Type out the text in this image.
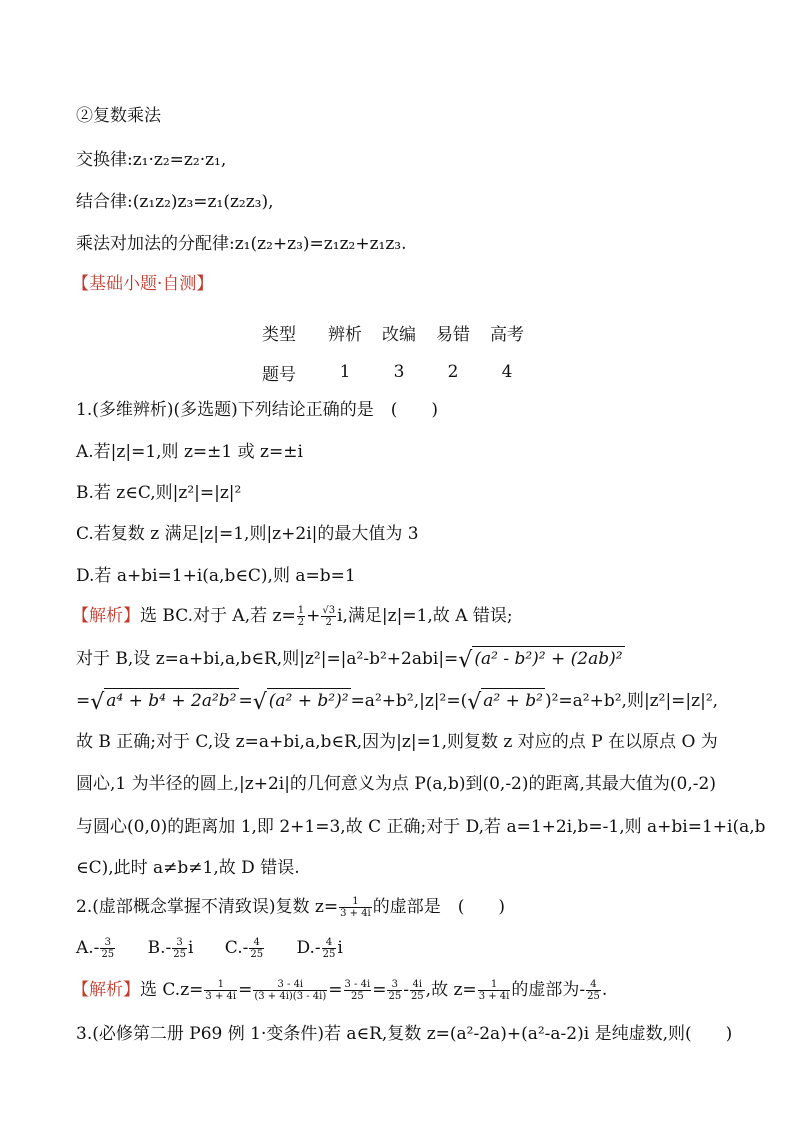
②复数乘法
交换律:z₁·z₂=z₂·z₁,
结合律:(z₁z₂)z₃=z₁(z₂z₃),
乘法对加法的分配律:z₁(z₂+z₃)=z₁z₂+z₁z₃.
【基础小题·自测】
类型	辨析	改编	易错	高考
题号	1	3	2	4
1.(多维辨析)(多选题)下列结论正确的是　(　　)
A.若|z|=1,则 z=±1 或 z=±i
B.若 z∈C,则|z²|=|z|²
C.若复数 z 满足|z|=1,则|z+2i|的最大值为 3
D.若 a+bi=1+i(a,b∈C),则 a=b=1
【解析】选 BC.对于 A,若 $z= \frac{1}{2} + \frac{√3}{2} i$,满足|z|=1,故 A 错误;
对于 B,设 z=a+bi,a,b∈R,则|z²|=|a²-b²+2abi|=√ (a² - b²)² + (2ab)²
=√ a⁴ + b⁴ + 2a²b² =√ (a² + b²)² =a²+b²,|z|²=(√ a² + b² )²=a²+b²,则|z²|=|z|²,
故 B 正确;对于 C,设 z=a+bi,a,b∈R,因为|z|=1,则复数 z 对应的点 P 在以原点 O 为
圆心,1 为半径的圆上,|z+2i|的几何意义为点 P(a,b)到(0,-2)的距离,其最大值为(0,-2)
与圆心(0,0)的距离加 1,即 2+1=3,故 C 正确;对于 D,若 a=1+2i,b=-1,则 a+bi=1+i(a,b
∈C),此时 a≠b≠1,故 D 错误.
2.(虚部概念掌握不清致误)复数 $z= \frac{1}{3 + 4i}$ 的虚部是　(　　)
$A.- \frac{3}{25} B.- \frac{3}{25}$ i $C.- \frac{4}{25} D.- \frac{4}{25}$ i
【解析】选 $C.z= \frac{1}{3 + 4i} = \frac{3 - 4i}{(3 + 4i)(3 - 4i)} = \frac{3 - 4i}{25} = \frac{3}{25} - \frac{4i}{25}$ ,故 $z= \frac{1}{3 + 4i}$ 的虚部为- $\frac{4}{25}$ .
3.(必修第二册 P69 例 1·变条件)若 a∈R,复数 z=(a²-2a)+(a²-a-2)i 是纯虚数,则(　　)
